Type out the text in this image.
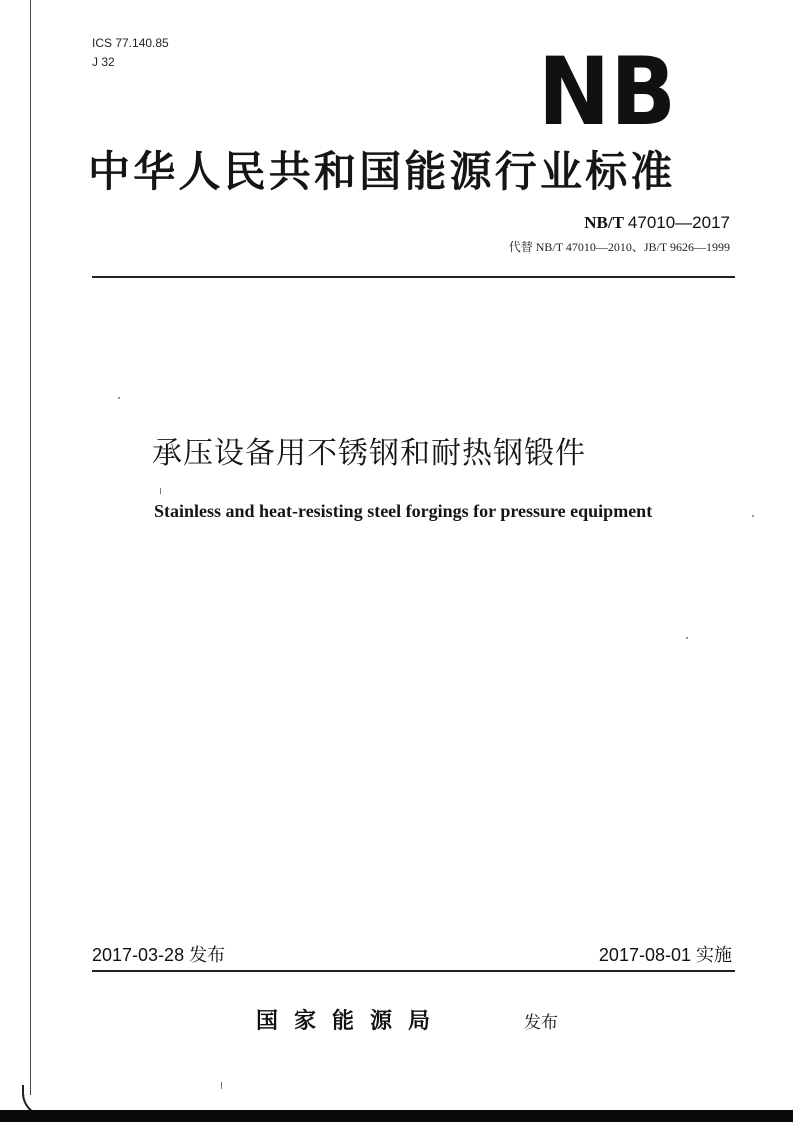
ICS 77.140.85
J 32	NB
中华人民共和国能源行业标准
NB/T 47010—2017
代替 NB/T 47010—2010、JB/T 9626—1999
承压设备用不锈钢和耐热钢锻件
Stainless and heat-resisting steel forgings for pressure equipment
2017-03-28 发布	2017-08-01 实施
国家能源局	发布
